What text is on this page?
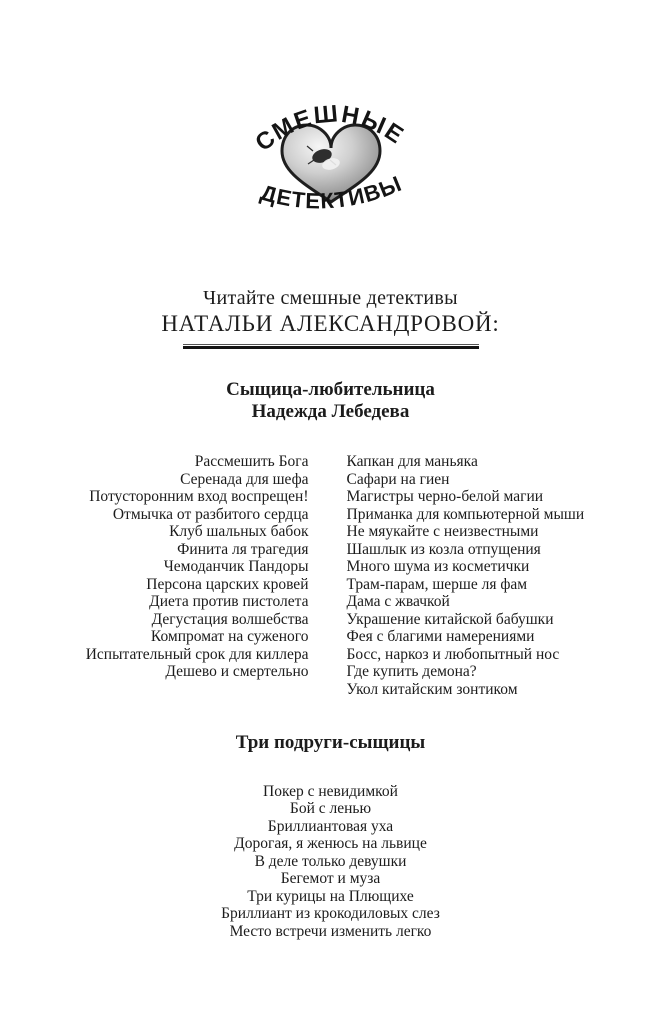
СМЕШНЫЕ
ДЕТЕКТИВЫ
Читайте смешные детективы
НАТАЛЬИ АЛЕКСАНДРОВОЙ:
Сыщица-любительница
Надежда Лебедева
Рассмешить Бога
Серенада для шефа
Потусторонним вход воспрещен!
Отмычка от разбитого сердца
Клуб шальных бабок
Финита ля трагедия
Чемоданчик Пандоры
Персона царских кровей
Диета против пистолета
Дегустация волшебства
Компромат на суженого
Испытательный срок для киллера
Дешево и смертельно
Капкан для маньяка
Сафари на гиен
Магистры черно-белой магии
Приманка для компьютерной мыши
Не мяукайте с неизвестными
Шашлык из козла отпущения
Много шума из косметички
Трам-парам, шерше ля фам
Дама с жвачкой
Украшение китайской бабушки
Фея с благими намерениями
Босс, наркоз и любопытный нос
Где купить демона?
Укол китайским зонтиком
Три подруги-сыщицы
Покер с невидимкой
Бой с ленью
Бриллиантовая уха
Дорогая, я женюсь на львице
В деле только девушки
Бегемот и муза
Три курицы на Плющихе
Бриллиант из крокодиловых слез
Место встречи изменить легко
